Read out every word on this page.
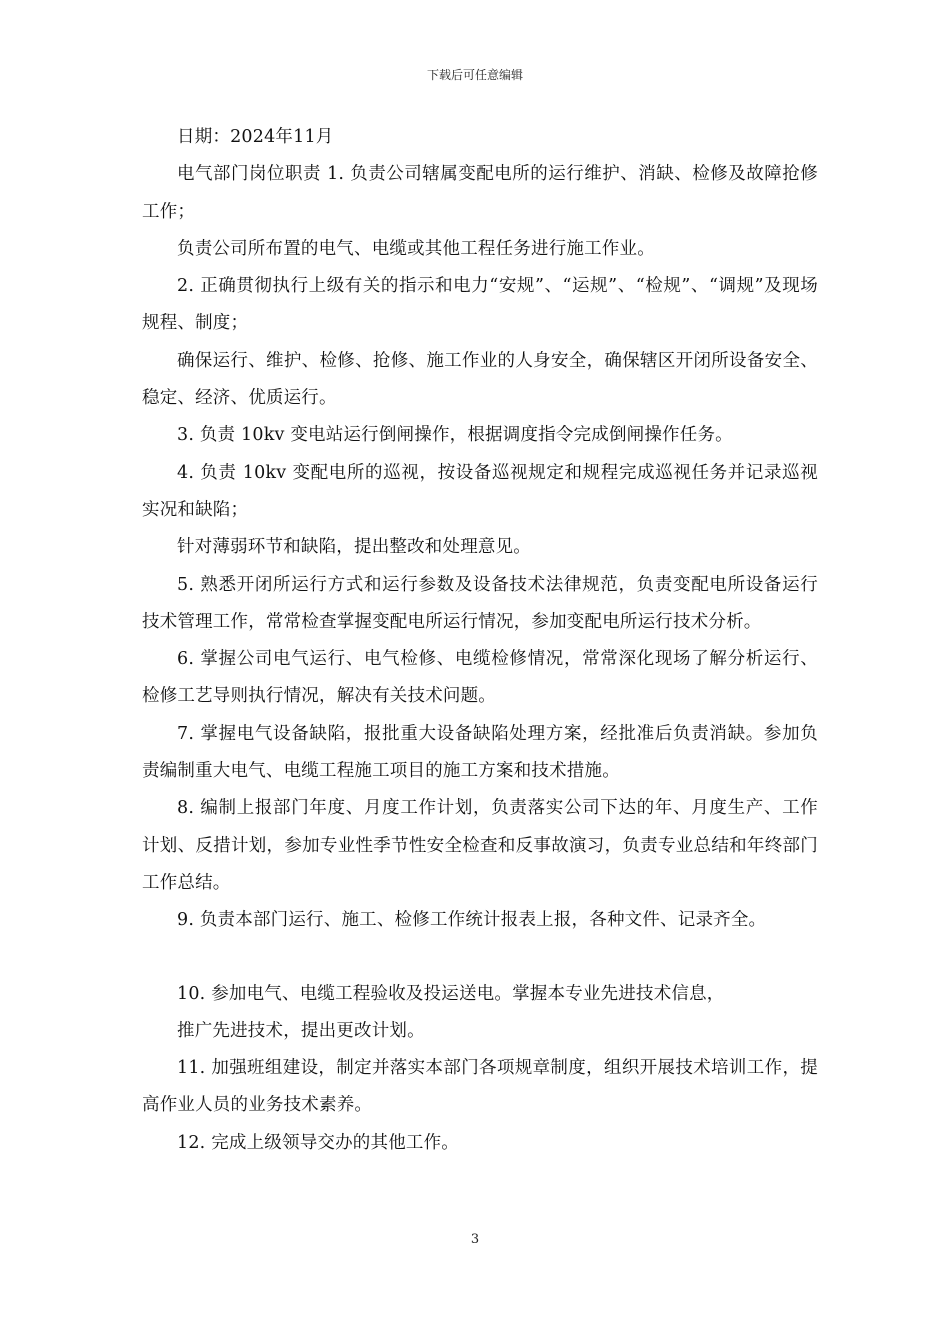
下载后可任意编辑

日期：2024年11月

电气部门岗位职责 1. 负责公司辖属变配电所的运行维护、消缺、检修及故障抢修工作；

负责公司所布置的电气、电缆或其他工程任务进行施工作业。

2. 正确贯彻执行上级有关的指示和电力“安规”、“运规”、“检规”、“调规”及现场规程、制度；

确保运行、维护、检修、抢修、施工作业的人身安全，确保辖区开闭所设备安全、稳定、经济、优质运行。

3. 负责 10kv 变电站运行倒闸操作，根据调度指令完成倒闸操作任务。

4. 负责 10kv 变配电所的巡视，按设备巡视规定和规程完成巡视任务并记录巡视实况和缺陷；

针对薄弱环节和缺陷，提出整改和处理意见。

5. 熟悉开闭所运行方式和运行参数及设备技术法律规范，负责变配电所设备运行技术管理工作，常常检查掌握变配电所运行情况，参加变配电所运行技术分析。

6. 掌握公司电气运行、电气检修、电缆检修情况，常常深化现场了解分析运行、检修工艺导则执行情况，解决有关技术问题。

7. 掌握电气设备缺陷，报批重大设备缺陷处理方案，经批准后负责消缺。参加负责编制重大电气、电缆工程施工项目的施工方案和技术措施。

8. 编制上报部门年度、月度工作计划，负责落实公司下达的年、月度生产、工作计划、反措计划，参加专业性季节性安全检查和反事故演习，负责专业总结和年终部门工作总结。

9. 负责本部门运行、施工、检修工作统计报表上报，各种文件、记录齐全。

10. 参加电气、电缆工程验收及投运送电。掌握本专业先进技术信息，

推广先进技术，提出更改计划。

11. 加强班组建设，制定并落实本部门各项规章制度，组织开展技术培训工作，提高作业人员的业务技术素养。

12. 完成上级领导交办的其他工作。

3
